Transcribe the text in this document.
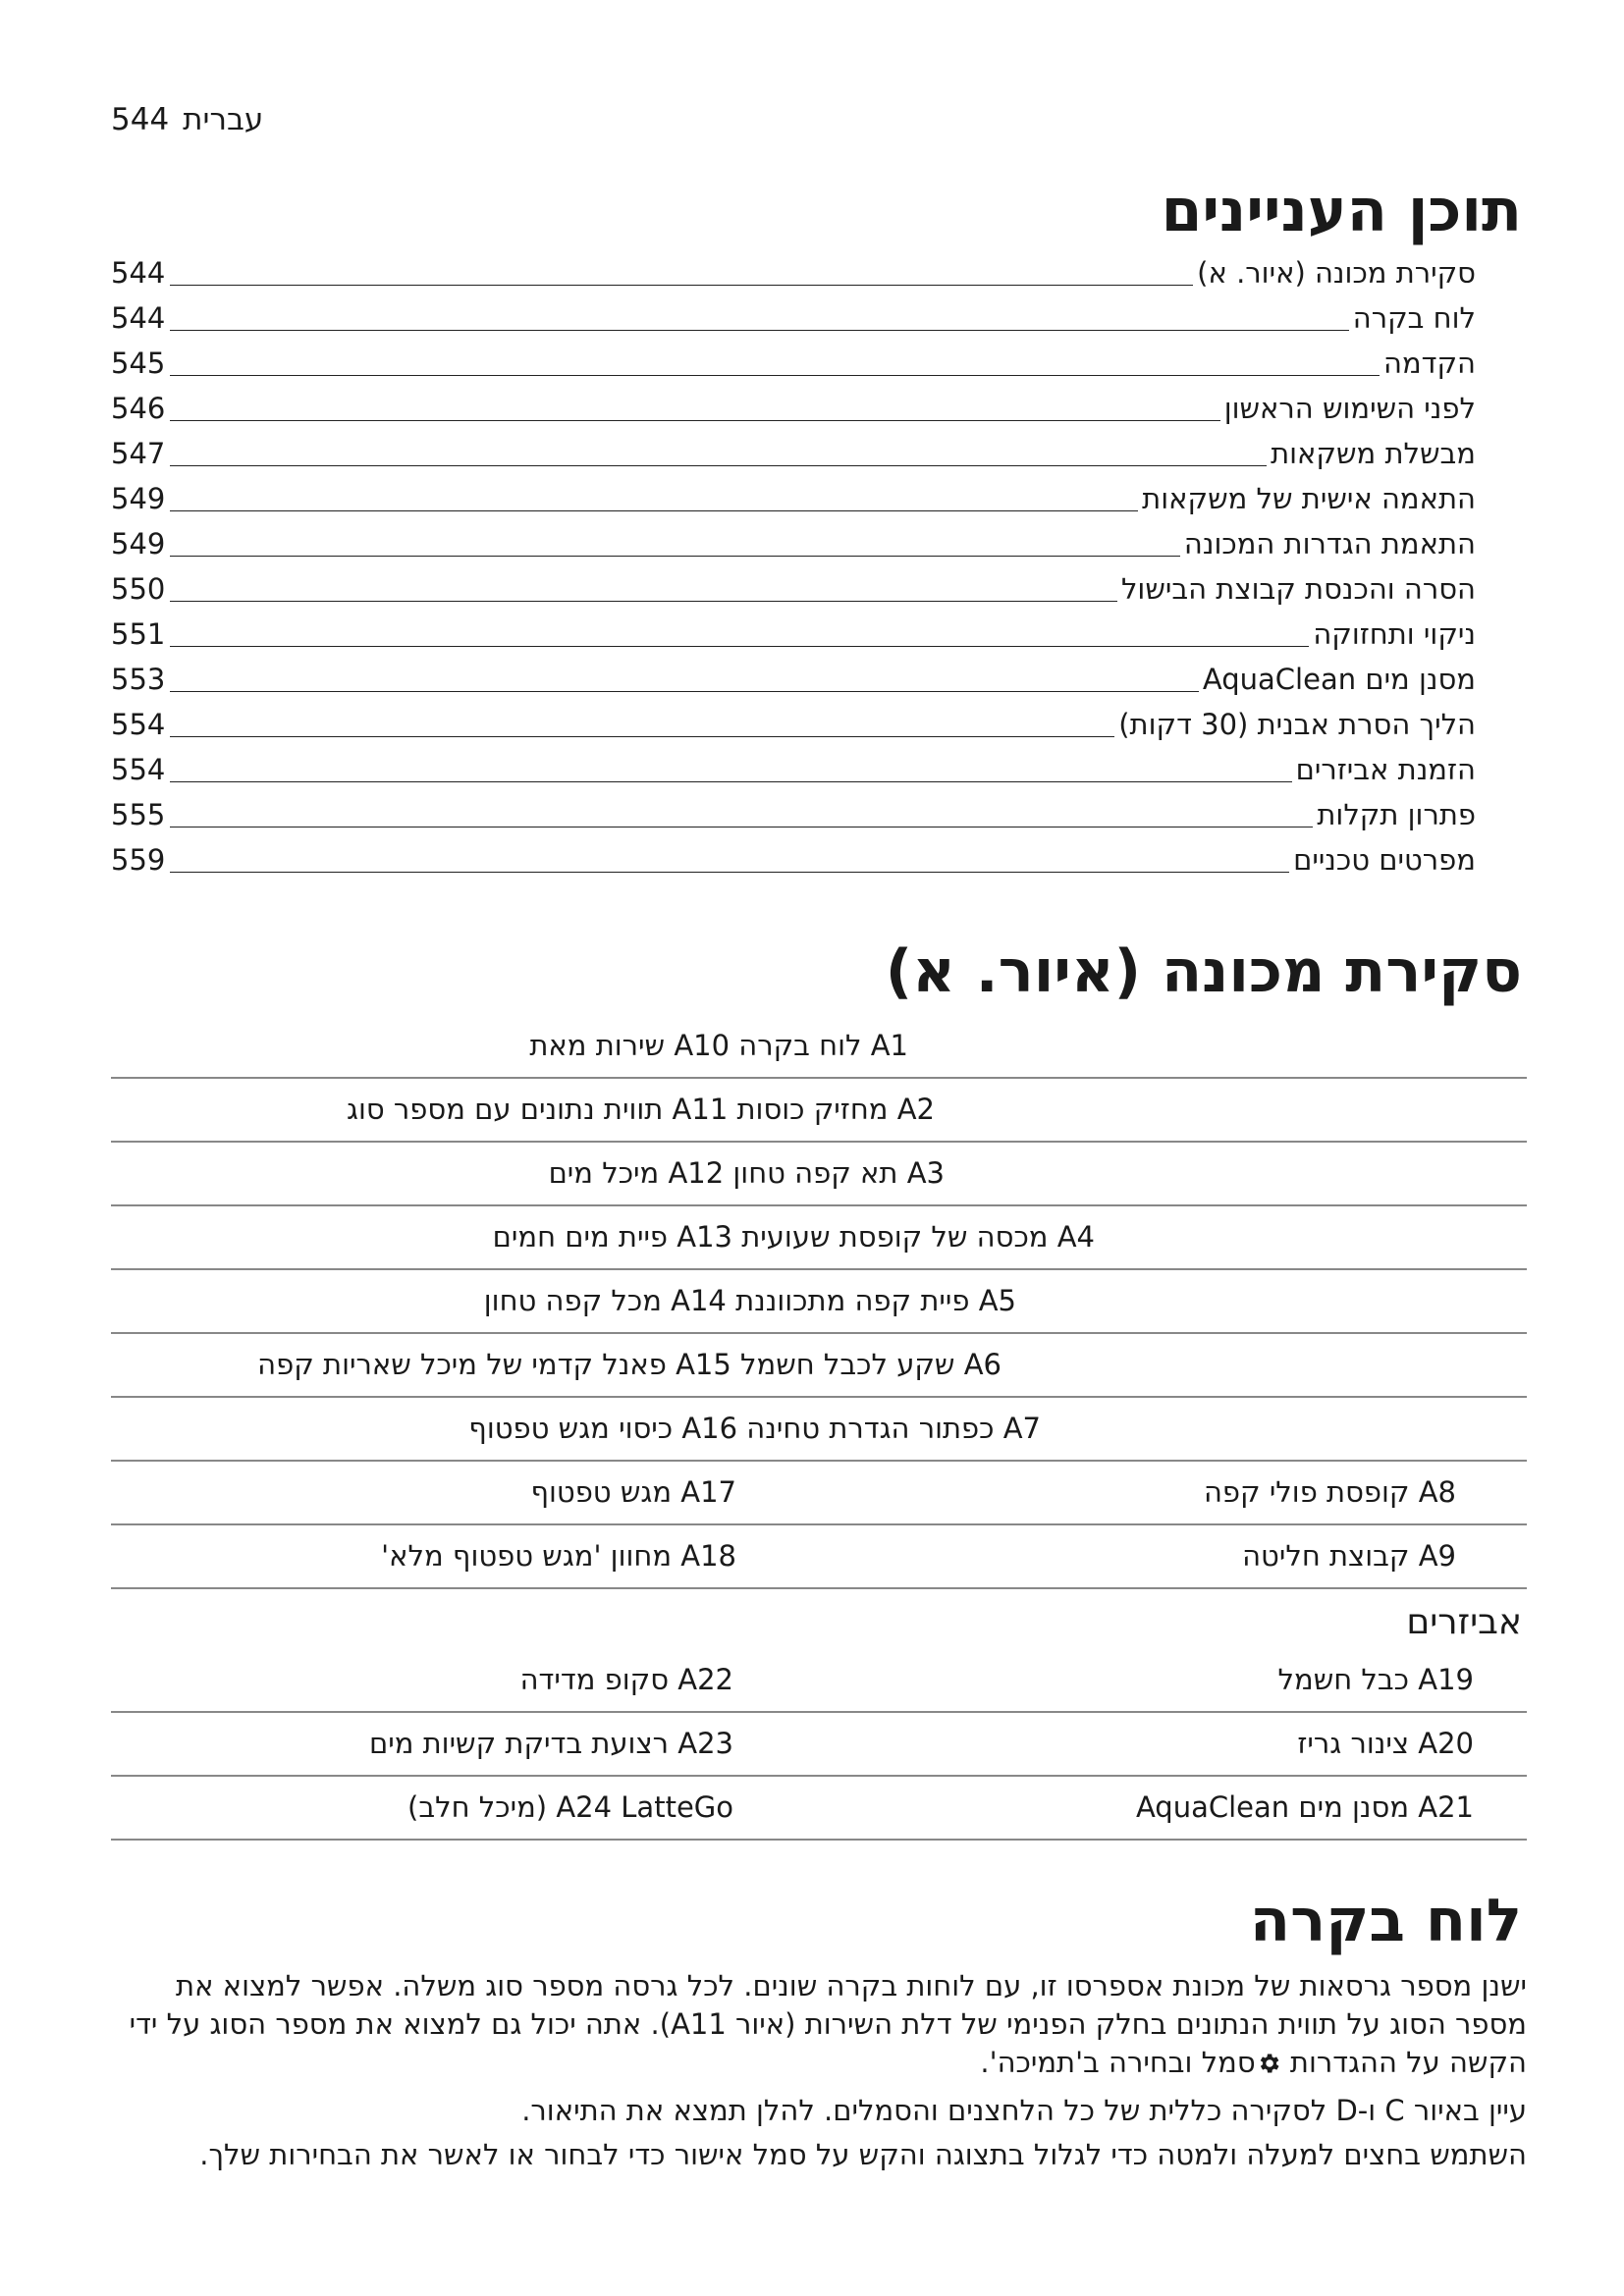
544 עברית
תוכן העניינים
סקירת מכונה (איור. א)
544
לוח בקרה
544
הקדמה
545
לפני השימוש הראשון
546
מבשלת משקאות
547
התאמה אישית של משקאות
549
התאמת הגדרות המכונה
549
הסרה והכנסת קבוצת הבישול
550
ניקוי ותחזוקה
551
מסנן מים AquaClean
553
הליך הסרת אבנית (30 דקות)
554
הזמנת אביזרים
554
פתרון תקלות
555
מפרטים טכניים
559
סקירת מכונה (איור. א)
A1 לוח בקרה A10 שירות מאת
A2 מחזיק כוסות A11 תווית נתונים עם מספר סוג
A3 תא קפה טחון A12 מיכל מים
A4 מכסה של קופסת שעועית A13 פיית מים חמים
A5 פיית קפה מתכווננת A14 מכל קפה טחון
A6 שקע לכבל חשמל A15 פאנל קדמי של מיכל שאריות קפה
A7 כפתור הגדרת טחינה A16 כיסוי מגש טפטוף
A8 קופסת פולי קפה
A17 מגש טפטוף
A9 קבוצת חליטה
A18 מחוון 'מגש טפטוף מלא'
אביזרים
A19 כבל חשמל
A22 סקופ מדידה
A20 צינור גריז
A23 רצועת בדיקת קשיות מים
A21 מסנן מים AquaClean
A24 LatteGo (מיכל חלב)
לוח בקרה

ישנן מספר גרסאות של מכונת אספרסו זו, עם לוחות בקרה שונים. לכל גרסה מספר סוג משלה. אפשר למצוא את מספר הסוג על תווית הנתונים בחלק הפנימי של דלת השירות (איור A11). אתה יכול גם למצוא את מספר הסוג על ידי הקשה על ההגדרות סמל ובחירה ב'תמיכה'.

עיין באיור C ו-D לסקירה כללית של כל הלחצנים והסמלים. להלן תמצא את התיאור.

השתמש בחצים למעלה ולמטה כדי לגלול בתצוגה והקש על סמל אישור כדי לבחור או לאשר את הבחירות שלך.
